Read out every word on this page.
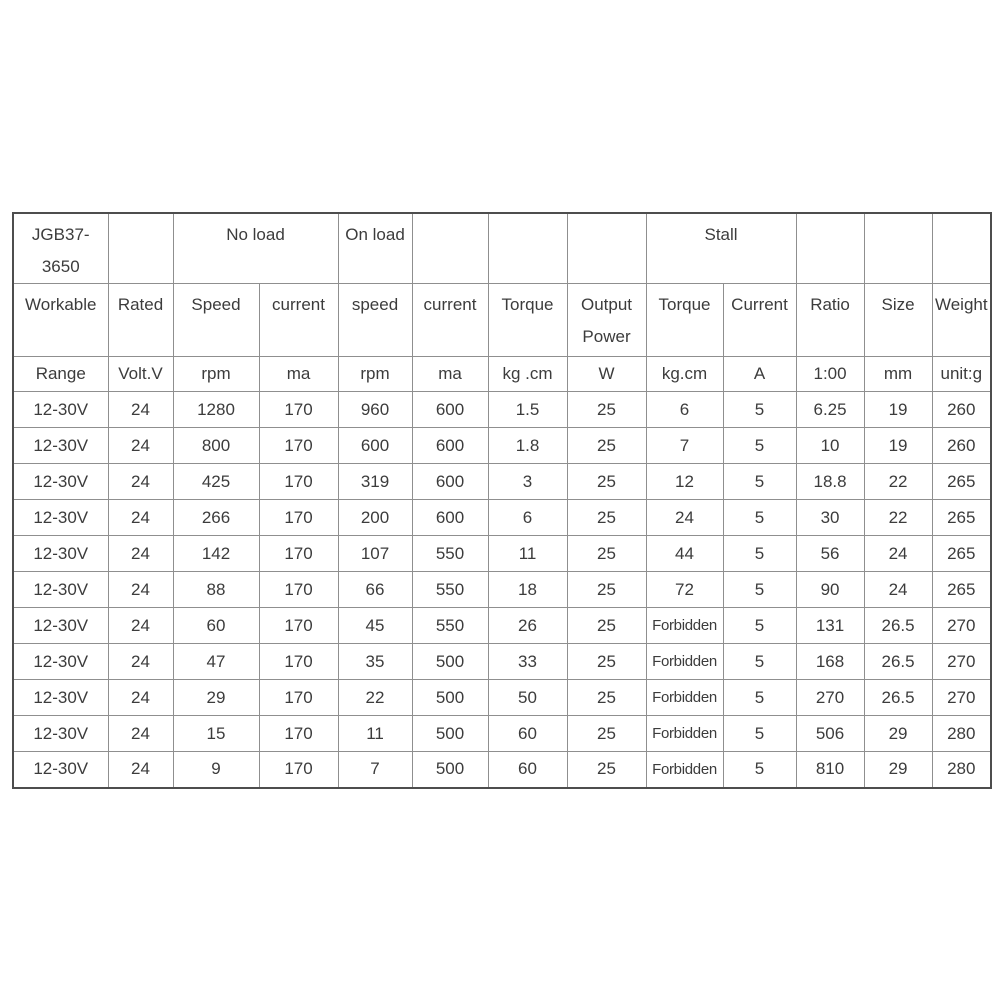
JGB37-
3650		No load		On load				Stall				
Workable	Rated	Speed	current	speed	current	Torque	Output Power	Torque	Current	Ratio	Size	Weight
Range	Volt.V	rpm	ma	rpm	ma	kg .cm	W	kg.cm	A	1:00	mm	unit:g
12-30V	24	1280	170	960	600	1.5	25	6	5	6.25	19	260
12-30V	24	800	170	600	600	1.8	25	7	5	10	19	260
12-30V	24	425	170	319	600	3	25	12	5	18.8	22	265
12-30V	24	266	170	200	600	6	25	24	5	30	22	265
12-30V	24	142	170	107	550	11	25	44	5	56	24	265
12-30V	24	88	170	66	550	18	25	72	5	90	24	265
12-30V	24	60	170	45	550	26	25	Forbidden	5	131	26.5	270
12-30V	24	47	170	35	500	33	25	Forbidden	5	168	26.5	270
12-30V	24	29	170	22	500	50	25	Forbidden	5	270	26.5	270
12-30V	24	15	170	11	500	60	25	Forbidden	5	506	29	280
12-30V	24	9	170	7	500	60	25	Forbidden	5	810	29	280
